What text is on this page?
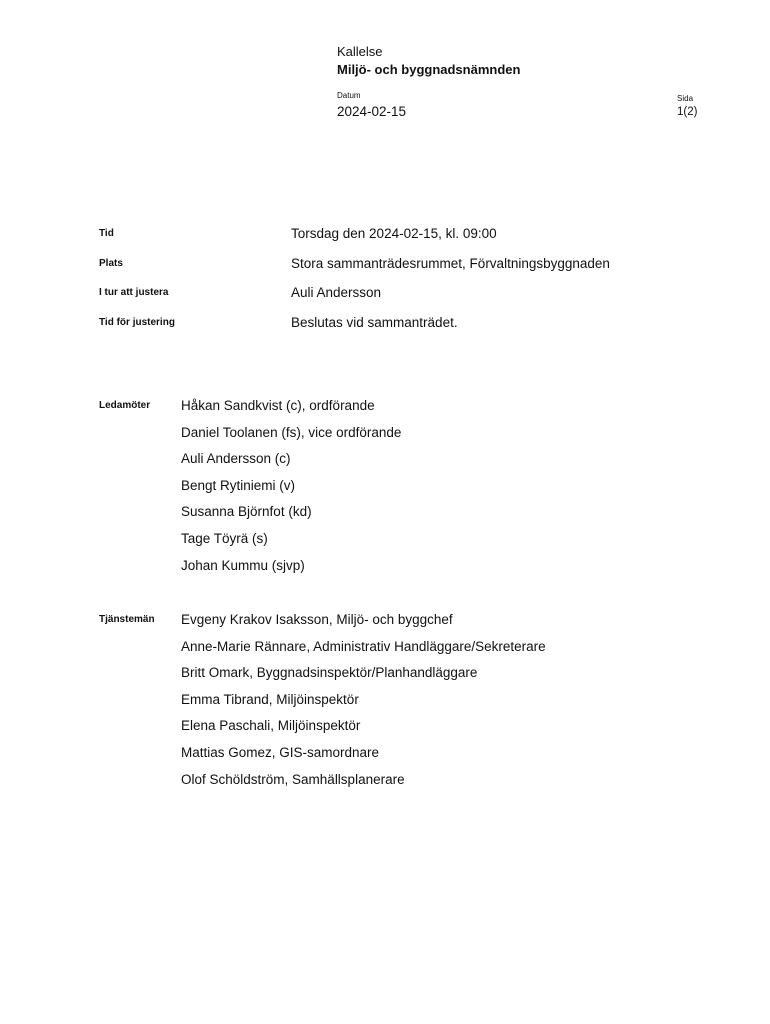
Kallelse
Miljö- och byggnadsnämnden
Datum
2024-02-15
Sida
1(2)
Tid	Torsdag den 2024-02-15, kl. 09:00
Plats	Stora sammanträdesrummet, Förvaltningsbyggnaden
I tur att justera	Auli Andersson
Tid för justering	Beslutas vid sammanträdet.
Ledamöter Håkan Sandkvist (c), ordförande
Daniel Toolanen (fs), vice ordförande
Auli Andersson (c)
Bengt Rytiniemi (v)
Susanna Björnfot (kd)
Tage Töyrä (s)
Johan Kummu (sjvp)
Tjänstemän Evgeny Krakov Isaksson, Miljö- och byggchef
Anne-Marie Rännare, Administrativ Handläggare/Sekreterare
Britt Omark, Byggnadsinspektör/Planhandläggare
Emma Tibrand, Miljöinspektör
Elena Paschali, Miljöinspektör
Mattias Gomez, GIS-samordnare
Olof Schöldström, Samhällsplanerare
